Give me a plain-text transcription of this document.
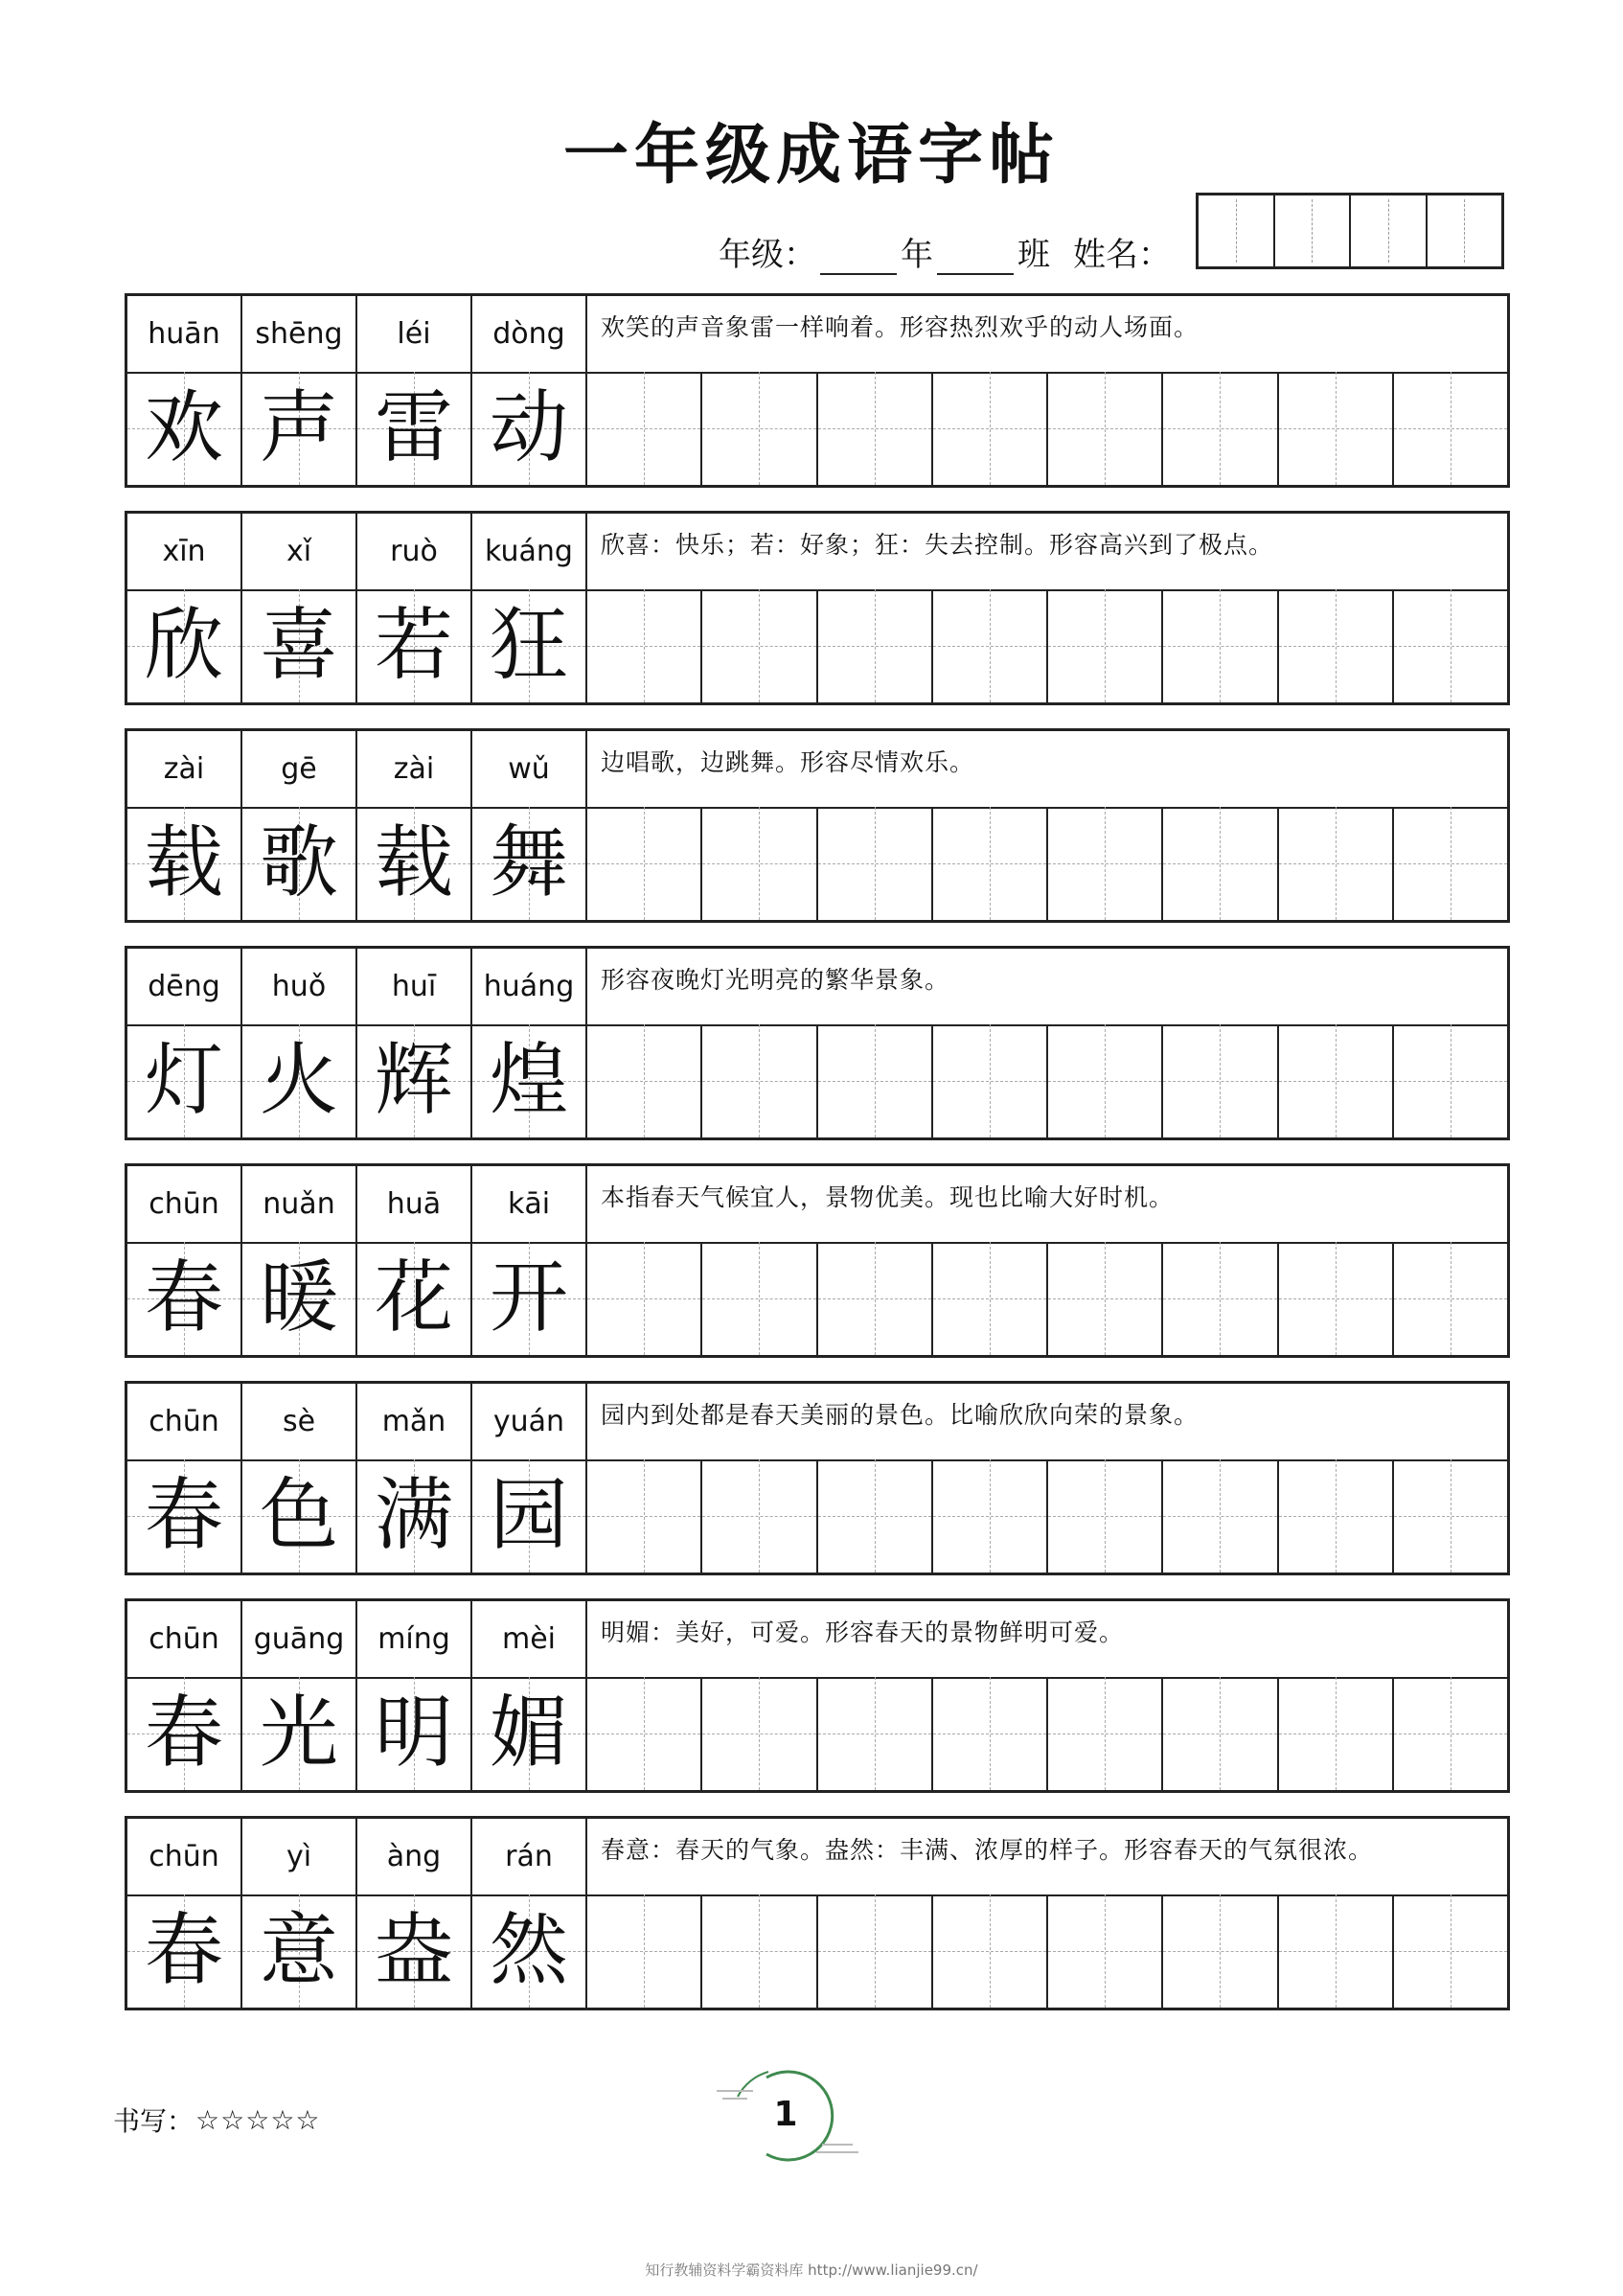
一年级成语字帖
年级：	年	班 姓名：
huān	shēng	léi	dòng	欢笑的声音象雷一样响着。形容热烈欢乎的动人场面。
欢 声 雷 动
xīn	xǐ	ruò	kuáng	欣喜：快乐；若：好象；狂：失去控制。形容高兴到了极点。
欣 喜 若 狂
zài	gē	zài	wǔ	边唱歌，边跳舞。形容尽情欢乐。
载 歌 载 舞
dēng	huǒ	huī	huáng	形容夜晚灯光明亮的繁华景象。
灯 火 辉 煌
chūn	nuǎn	huā	kāi	本指春天气候宜人，景物优美。现也比喻大好时机。
春 暖 花 开
chūn	sè	mǎn	yuán	园内到处都是春天美丽的景色。比喻欣欣向荣的景象。
春 色 满 园
chūn	guāng	míng	mèi	明媚：美好，可爱。形容春天的景物鲜明可爱。
春 光 明 媚
chūn	yì	àng	rán	春意：春天的气象。盎然：丰满、浓厚的样子。形容春天的气氛很浓。
春 意 盎 然
书写： ☆☆☆☆☆	1
知行教辅资料学霸资料库 http://www.lianjie99.cn/
